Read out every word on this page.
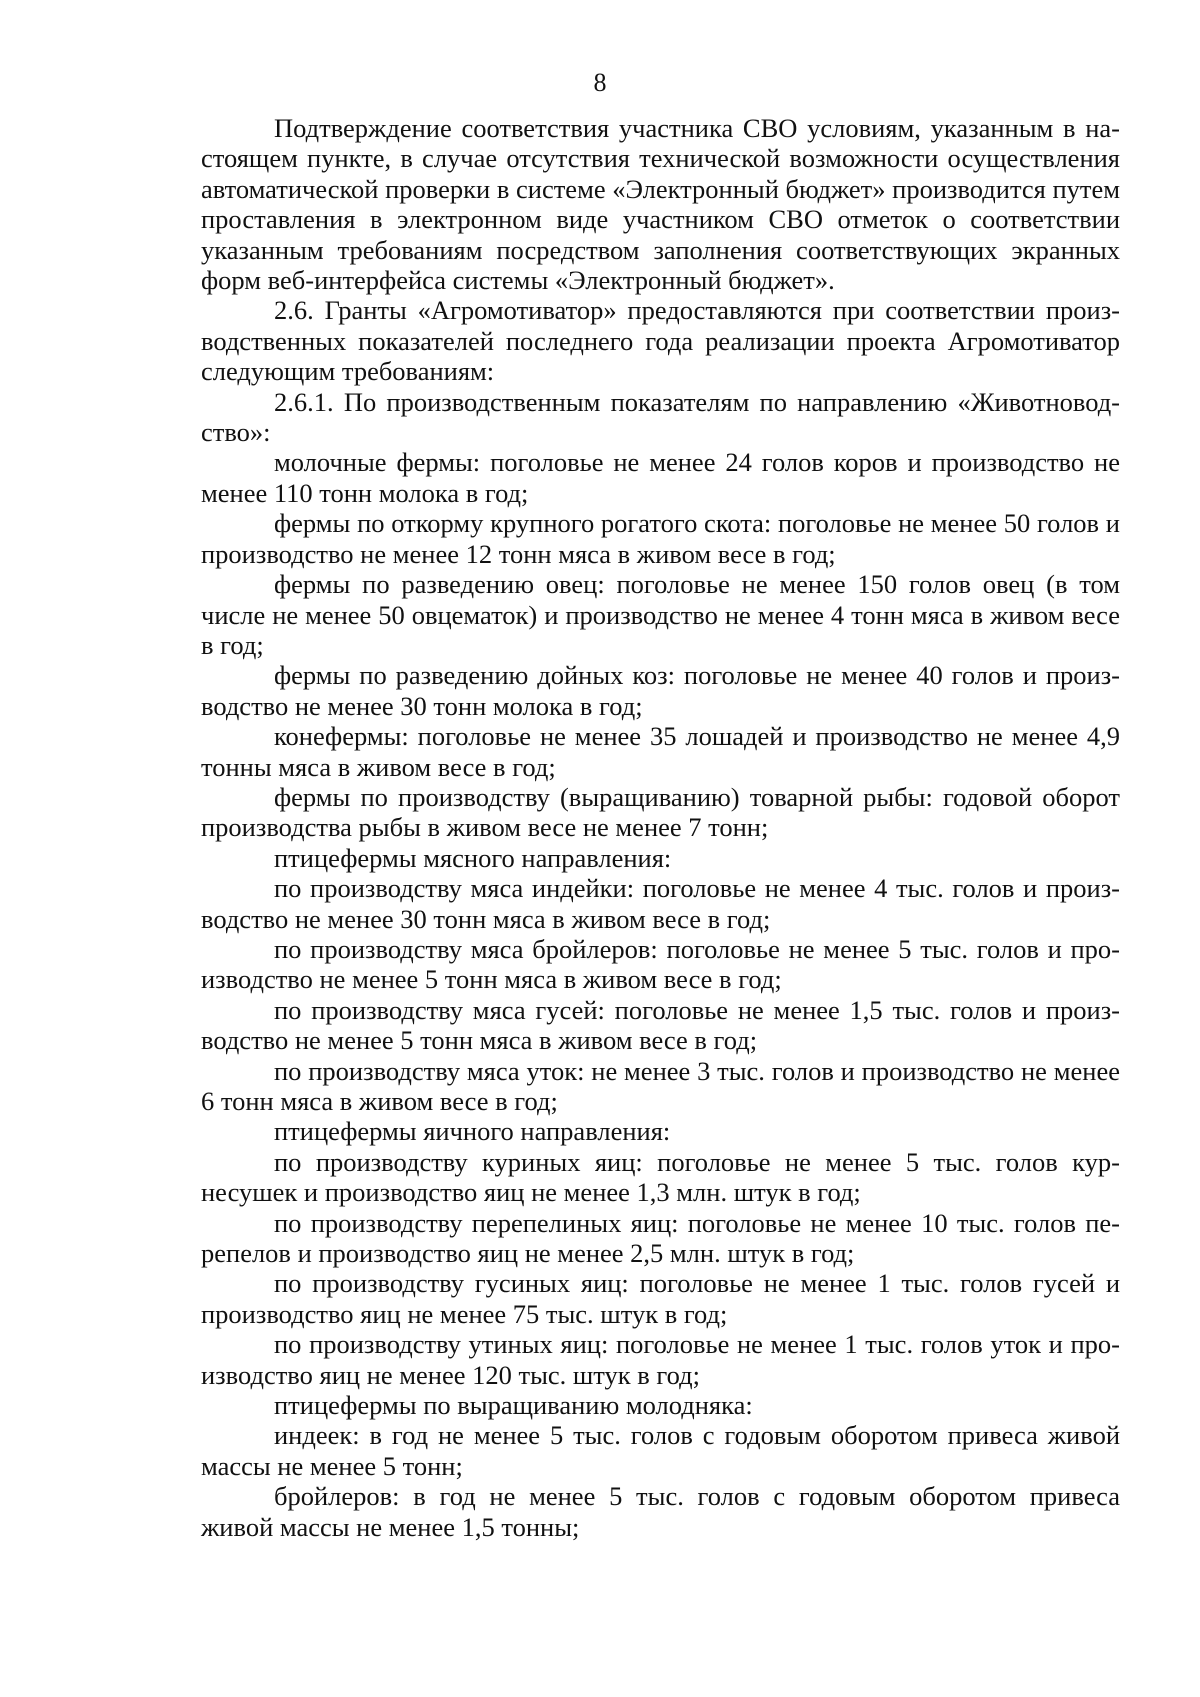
8

Подтверждение соответствия участника СВО условиям, указанным в настоящем пункте, в случае отсутствия технической возможности осуществления автоматической проверки в системе «Электронный бюджет» производится путем проставления в электронном виде участником СВО отметок о соответствии указанным требованиям посредством заполнения соответствующих экранных форм веб-интерфейса системы «Электронный бюджет».

2.6. Гранты «Агромотиватор» предоставляются при соответствии производственных показателей последнего года реализации проекта Агромотиватор следующим требованиям:

2.6.1. По производственным показателям по направлению «Животноводство»:

молочные фермы: поголовье не менее 24 голов коров и производство не менее 110 тонн молока в год;

фермы по откорму крупного рогатого скота: поголовье не менее 50 голов и производство не менее 12 тонн мяса в живом весе в год;

фермы по разведению овец: поголовье не менее 150 голов овец (в том числе не менее 50 овцематок) и производство не менее 4 тонн мяса в живом весе в год;

фермы по разведению дойных коз: поголовье не менее 40 голов и производство не менее 30 тонн молока в год;

конефермы: поголовье не менее 35 лошадей и производство не менее 4,9 тонны мяса в живом весе в год;

фермы по производству (выращиванию) товарной рыбы: годовой оборот производства рыбы в живом весе не менее 7 тонн;

птицефермы мясного направления:

по производству мяса индейки: поголовье не менее 4 тыс. голов и производство не менее 30 тонн мяса в живом весе в год;

по производству мяса бройлеров: поголовье не менее 5 тыс. голов и производство не менее 5 тонн мяса в живом весе в год;

по производству мяса гусей: поголовье не менее 1,5 тыс. голов и производство не менее 5 тонн мяса в живом весе в год;

по производству мяса уток: не менее 3 тыс. голов и производство не менее 6 тонн мяса в живом весе в год;

птицефермы яичного направления:

по производству куриных яиц: поголовье не менее 5 тыс. голов курнесушек и производство яиц не менее 1,3 млн. штук в год;

по производству перепелиных яиц: поголовье не менее 10 тыс. голов перепелов и производство яиц не менее 2,5 млн. штук в год;

по производству гусиных яиц: поголовье не менее 1 тыс. голов гусей и производство яиц не менее 75 тыс. штук в год;

по производству утиных яиц: поголовье не менее 1 тыс. голов уток и производство яиц не менее 120 тыс. штук в год;

птицефермы по выращиванию молодняка:

индеек: в год не менее 5 тыс. голов с годовым оборотом привеса живой массы не менее 5 тонн;

бройлеров: в год не менее 5 тыс. голов с годовым оборотом привеса живой массы не менее 1,5 тонны;
